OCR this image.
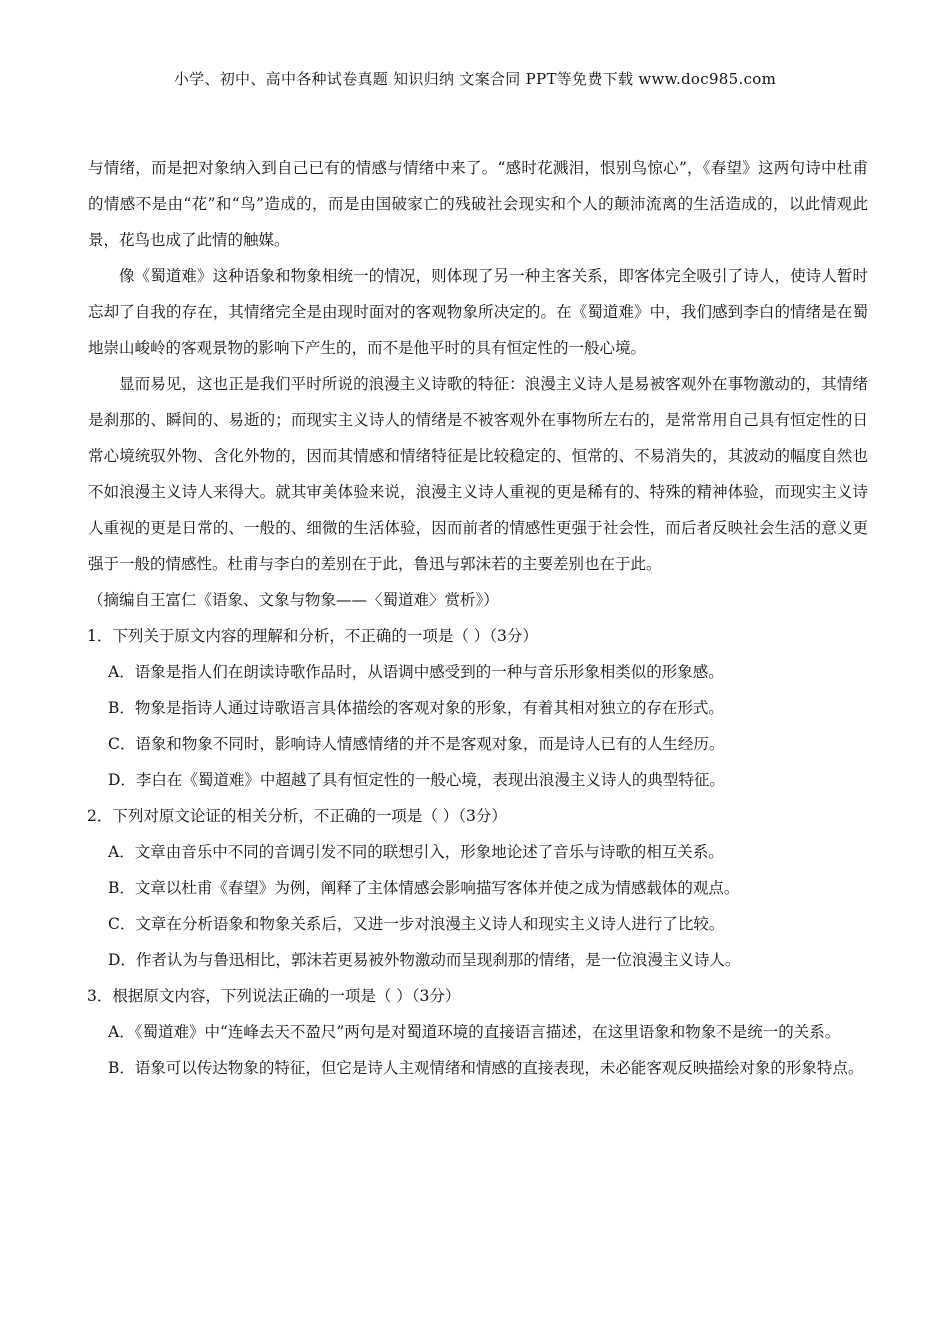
小学、初中、高中各种试卷真题 知识归纳 文案合同 PPT等免费下载 www.doc985.com

与情绪，而是把对象纳入到自己已有的情感与情绪中来了。“感时花溅泪，恨别鸟惊心”，《春望》这两句诗中杜甫的情感不是由“花”和“鸟”造成的，而是由国破家亡的残破社会现实和个人的颠沛流离的生活造成的，以此情观此景，花鸟也成了此情的触媒。

像《蜀道难》这种语象和物象相统一的情况，则体现了另一种主客关系，即客体完全吸引了诗人，使诗人暂时忘却了自我的存在，其情绪完全是由现时面对的客观物象所决定的。在《蜀道难》中，我们感到李白的情绪是在蜀地崇山峻岭的客观景物的影响下产生的，而不是他平时的具有恒定性的一般心境。

显而易见，这也正是我们平时所说的浪漫主义诗歌的特征：浪漫主义诗人是易被客观外在事物激动的，其情绪是刹那的、瞬间的、易逝的；而现实主义诗人的情绪是不被客观外在事物所左右的，是常常用自己具有恒定性的日常心境统驭外物、含化外物的，因而其情感和情绪特征是比较稳定的、恒常的、不易消失的，其波动的幅度自然也不如浪漫主义诗人来得大。就其审美体验来说，浪漫主义诗人重视的更是稀有的、特殊的精神体验，而现实主义诗人重视的更是日常的、一般的、细微的生活体验，因而前者的情感性更强于社会性，而后者反映社会生活的意义更强于一般的情感性。杜甫与李白的差别在于此，鲁迅与郭沫若的主要差别也在于此。

（摘编自王富仁《语象、文象与物象——〈蜀道难〉赏析》）

1．下列关于原文内容的理解和分析，不正确的一项是（ ）（3分）

A．语象是指人们在朗读诗歌作品时，从语调中感受到的一种与音乐形象相类似的形象感。

B．物象是指诗人通过诗歌语言具体描绘的客观对象的形象，有着其相对独立的存在形式。

C．语象和物象不同时，影响诗人情感情绪的并不是客观对象，而是诗人已有的人生经历。

D．李白在《蜀道难》中超越了具有恒定性的一般心境，表现出浪漫主义诗人的典型特征。

2．下列对原文论证的相关分析，不正确的一项是（ ）（3分）

A．文章由音乐中不同的音调引发不同的联想引入，形象地论述了音乐与诗歌的相互关系。

B．文章以杜甫《春望》为例，阐释了主体情感会影响描写客体并使之成为情感载体的观点。

C．文章在分析语象和物象关系后，又进一步对浪漫主义诗人和现实主义诗人进行了比较。

D．作者认为与鲁迅相比，郭沫若更易被外物激动而呈现刹那的情绪，是一位浪漫主义诗人。

3．根据原文内容，下列说法正确的一项是（ ）（3分）

A．《蜀道难》中“连峰去天不盈尺”两句是对蜀道环境的直接语言描述，在这里语象和物象不是统一的关系。

B．语象可以传达物象的特征，但它是诗人主观情绪和情感的直接表现，未必能客观反映描绘对象的形象特点。
